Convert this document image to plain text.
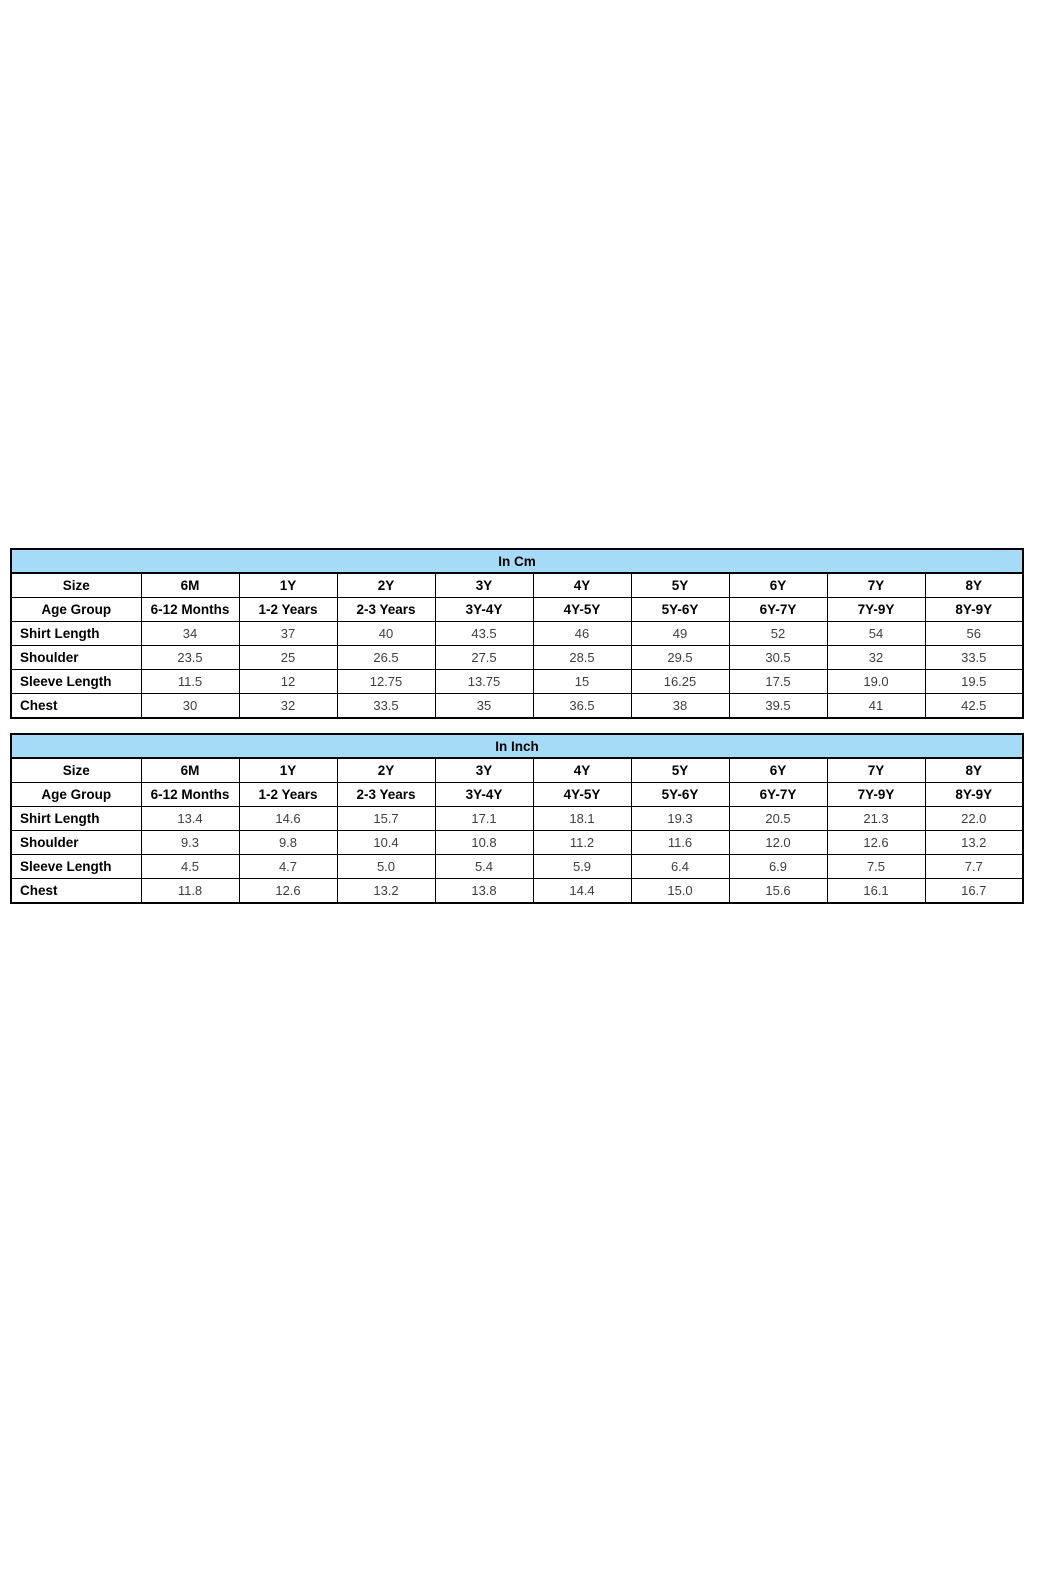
In Cm									
Size	6M	1Y	2Y	3Y	4Y	5Y	6Y	7Y	8Y
Age Group	6-12 Months	1-2 Years	2-3 Years	3Y-4Y	4Y-5Y	5Y-6Y	6Y-7Y	7Y-9Y	8Y-9Y
Shirt Length	34	37	40	43.5	46	49	52	54	56
Shoulder	23.5	25	26.5	27.5	28.5	29.5	30.5	32	33.5
Sleeve Length	11.5	12	12.75	13.75	15	16.25	17.5	19.0	19.5
Chest	30	32	33.5	35	36.5	38	39.5	41	42.5
In Inch									
Size	6M	1Y	2Y	3Y	4Y	5Y	6Y	7Y	8Y
Age Group	6-12 Months	1-2 Years	2-3 Years	3Y-4Y	4Y-5Y	5Y-6Y	6Y-7Y	7Y-9Y	8Y-9Y
Shirt Length	13.4	14.6	15.7	17.1	18.1	19.3	20.5	21.3	22.0
Shoulder	9.3	9.8	10.4	10.8	11.2	11.6	12.0	12.6	13.2
Sleeve Length	4.5	4.7	5.0	5.4	5.9	6.4	6.9	7.5	7.7
Chest	11.8	12.6	13.2	13.8	14.4	15.0	15.6	16.1	16.7
